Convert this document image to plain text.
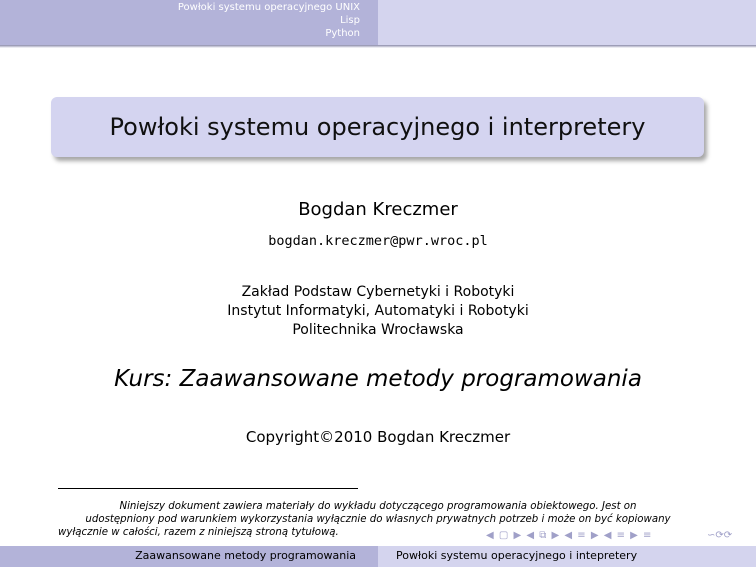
Powłoki systemu operacyjnego UNIX
Lisp
Python
Powłoki systemu operacyjnego i interpretery
Bogdan Kreczmer
bogdan.kreczmer@pwr.wroc.pl
Zakład Podstaw Cybernetyki i Robotyki
Instytut Informatyki, Automatyki i Robotyki
Politechnika Wrocławska
Kurs: Zaawansowane metody programowania
Copyright©2010 Bogdan Kreczmer
Niniejszy dokument zawiera materiały do wykładu dotyczącego programowania obiektowego. Jest on
udostępniony pod warunkiem wykorzystania wyłącznie do własnych prywatnych potrzeb i może on być kopiowany
wyłącznie w całości, razem z niniejszą stroną tytułową.	◀ ▢ ▶ ◀ ⧉ ▶ ◀ ≡ ▶ ◀ ≡ ▶ ≡	∽⟳⟳
Zaawansowane metody programowania	Powłoki systemu operacyjnego i intepretery
